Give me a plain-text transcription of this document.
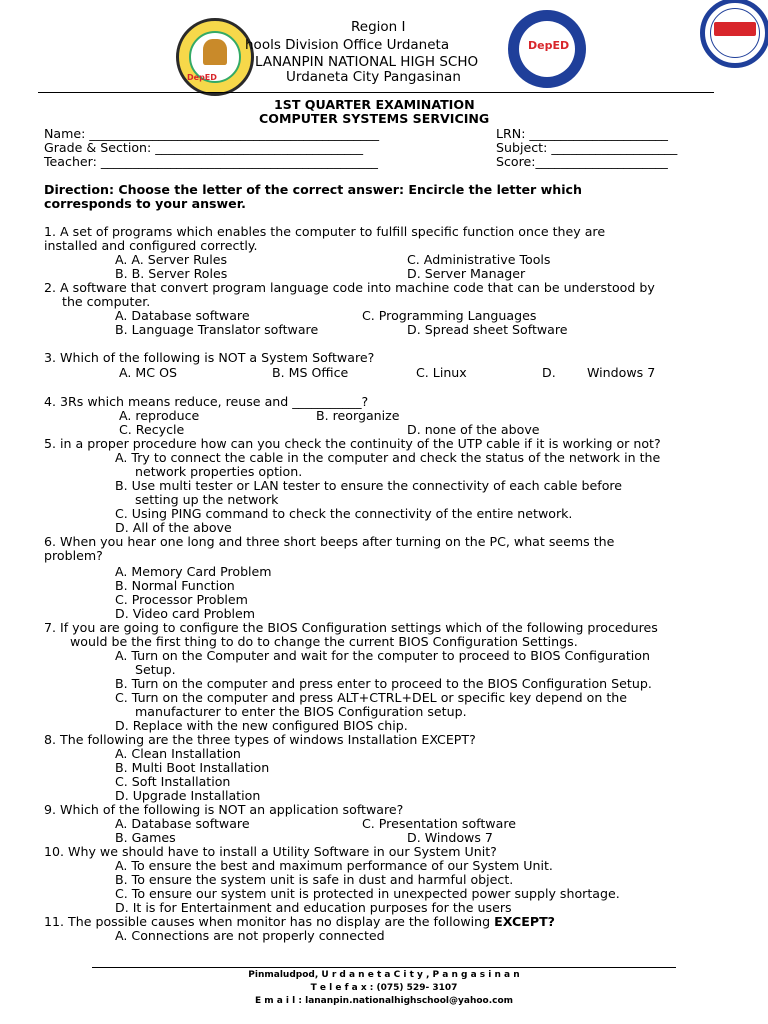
DepED
DepED
1965
Region I
hools Division Office Urdaneta
LANANPIN NATIONAL HIGH SCHO
Urdaneta City Pangasinan
1ST QUARTER EXAMINATION
COMPUTER SYSTEMS SERVICING
Name: ______________________________________________	LRN: ______________________
Grade & Section: _________________________________	Subject: ____________________
Teacher: ____________________________________________	Score:_____________________
Direction: Choose the letter of the correct answer: Encircle the letter which
corresponds to your answer.
1. A set of programs which enables the computer to fulfill specific function once they are
installed and configured correctly.
A. A. Server Rules	C. Administrative Tools
B. B. Server Roles	D. Server Manager
2. A software that convert program language code into machine code that can be understood by
the computer.
A. Database software	C. Programming Languages
B. Language Translator software	D. Spread sheet Software
3. Which of the following is NOT a System Software?
A. MC OS	B. MS Office	C. Linux	D. Windows 7
4. 3Rs which means reduce, reuse and ___________?
A. reproduce	B. reorganize
C. Recycle	D. none of the above
5. in a proper procedure how can you check the continuity of the UTP cable if it is working or not?
A. Try to connect the cable in the computer and check the status of the network in the
network properties option.
B. Use multi tester or LAN tester to ensure the connectivity of each cable before
setting up the network
C. Using PING command to check the connectivity of the entire network.
D. All of the above
6. When you hear one long and three short beeps after turning on the PC, what seems the
problem?
A. Memory Card Problem
B. Normal Function
C. Processor Problem
D. Video card Problem
7. If you are going to configure the BIOS Configuration settings which of the following procedures
would be the first thing to do to change the current BIOS Configuration Settings.
A. Turn on the Computer and wait for the computer to proceed to BIOS Configuration
Setup.
B. Turn on the computer and press enter to proceed to the BIOS Configuration Setup.
C. Turn on the computer and press ALT+CTRL+DEL or specific key depend on the
manufacturer to enter the BIOS Configuration setup.
D. Replace with the new configured BIOS chip.
8. The following are the three types of windows Installation EXCEPT?
A. Clean Installation
B. Multi Boot Installation
C. Soft Installation
D. Upgrade Installation
9. Which of the following is NOT an application software?
A. Database software	C. Presentation software
B. Games	D. Windows 7
10. Why we should have to install a Utility Software in our System Unit?
A. To ensure the best and maximum performance of our System Unit.
B. To ensure the system unit is safe in dust and harmful object.
C. To ensure our system unit is protected in unexpected power supply shortage.
D. It is for Entertainment and education purposes for the users
11. The possible causes when monitor has no display are the following EXCEPT?
A. Connections are not properly connected
Pinmaludpod, U r d a n e t a C i t y , P a n g a s i n a n
T e l e f a x : (075) 529- 3107
E m a i l : lananpin.nationalhighschool@yahoo.com
